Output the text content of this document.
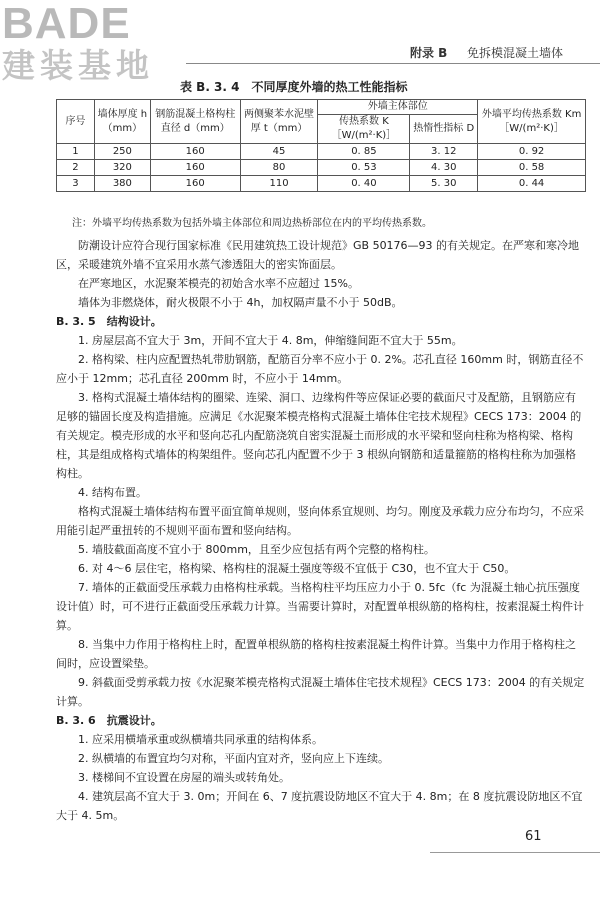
BADE
建装基地	附录 B 　 免拆模混凝土墙体
表 B. 3. 4　不同厚度外墙的热工性能指标
序号	墙体厚度 h（mm）	钢筋混凝土格构柱直径 d（mm）	两侧聚苯水泥壁厚 t（mm）	外墙主体部位		外墙平均传热系数 Km［W/(m²·K)］
				传热系数 K［W/(m²·K)］	热惰性指标 D	
1	250	160	45	0. 85	3. 12	0. 92
2	320	160	80	0. 53	4. 30	0. 58
3	380	160	110	0. 40	5. 30	0. 44
注：外墙平均传热系数为包括外墙主体部位和周边热桥部位在内的平均传热系数。

防潮设计应符合现行国家标准《民用建筑热工设计规范》GB 50176—93 的有关规定。在严寒和寒冷地区，采暖建筑外墙不宜采用水蒸气渗透阻大的密实饰面层。

在严寒地区，水泥聚苯模壳的初始含水率不应超过 15%。

墙体为非燃烧体，耐火极限不小于 4h，加权隔声量不小于 50dB。

B. 3. 5　结构设计。

1. 房屋层高不宜大于 3m，开间不宜大于 4. 8m，伸缩缝间距不宜大于 55m。

2. 格构梁、柱内应配置热轧带肋钢筋，配筋百分率不应小于 0. 2%。芯孔直径 160mm 时，钢筋直径不应小于 12mm；芯孔直径 200mm 时，不应小于 14mm。

3. 格构式混凝土墙体结构的圈梁、连梁、洞口、边缘构件等应保证必要的截面尺寸及配筋，且钢筋应有足够的锚固长度及构造措施。应满足《水泥聚苯模壳格构式混凝土墙体住宅技术规程》CECS 173：2004 的有关规定。模壳形成的水平和竖向芯孔内配筋浇筑自密实混凝土而形成的水平梁和竖向柱称为格构梁、格构柱，其是组成格构式墙体的构架组件。竖向芯孔内配置不少于 3 根纵向钢筋和适量箍筋的格构柱称为加强格构柱。

4. 结构布置。

格构式混凝土墙体结构布置平面宜简单规则，竖向体系宜规则、均匀。刚度及承载力应分布均匀，不应采用能引起严重扭转的不规则平面布置和竖向结构。

5. 墙肢截面高度不宜小于 800mm，且至少应包括有两个完整的格构柱。

6. 对 4～6 层住宅，格构梁、格构柱的混凝土强度等级不宜低于 C30，也不宜大于 C50。

7. 墙体的正截面受压承载力由格构柱承载。当格构柱平均压应力小于 0. 5fc（fc 为混凝土轴心抗压强度设计值）时，可不进行正截面受压承载力计算。当需要计算时，对配置单根纵筋的格构柱，按素混凝土构件计算。

8. 当集中力作用于格构柱上时，配置单根纵筋的格构柱按素混凝土构件计算。当集中力作用于格构柱之间时，应设置梁垫。

9. 斜截面受剪承载力按《水泥聚苯模壳格构式混凝土墙体住宅技术规程》CECS 173：2004 的有关规定计算。

B. 3. 6　抗震设计。

1. 应采用横墙承重或纵横墙共同承重的结构体系。

2. 纵横墙的布置宜均匀对称，平面内宜对齐，竖向应上下连续。

3. 楼梯间不宜设置在房屋的端头或转角处。

4. 建筑层高不宜大于 3. 0m；开间在 6、7 度抗震设防地区不宜大于 4. 8m；在 8 度抗震设防地区不宜大于 4. 5m。

61
